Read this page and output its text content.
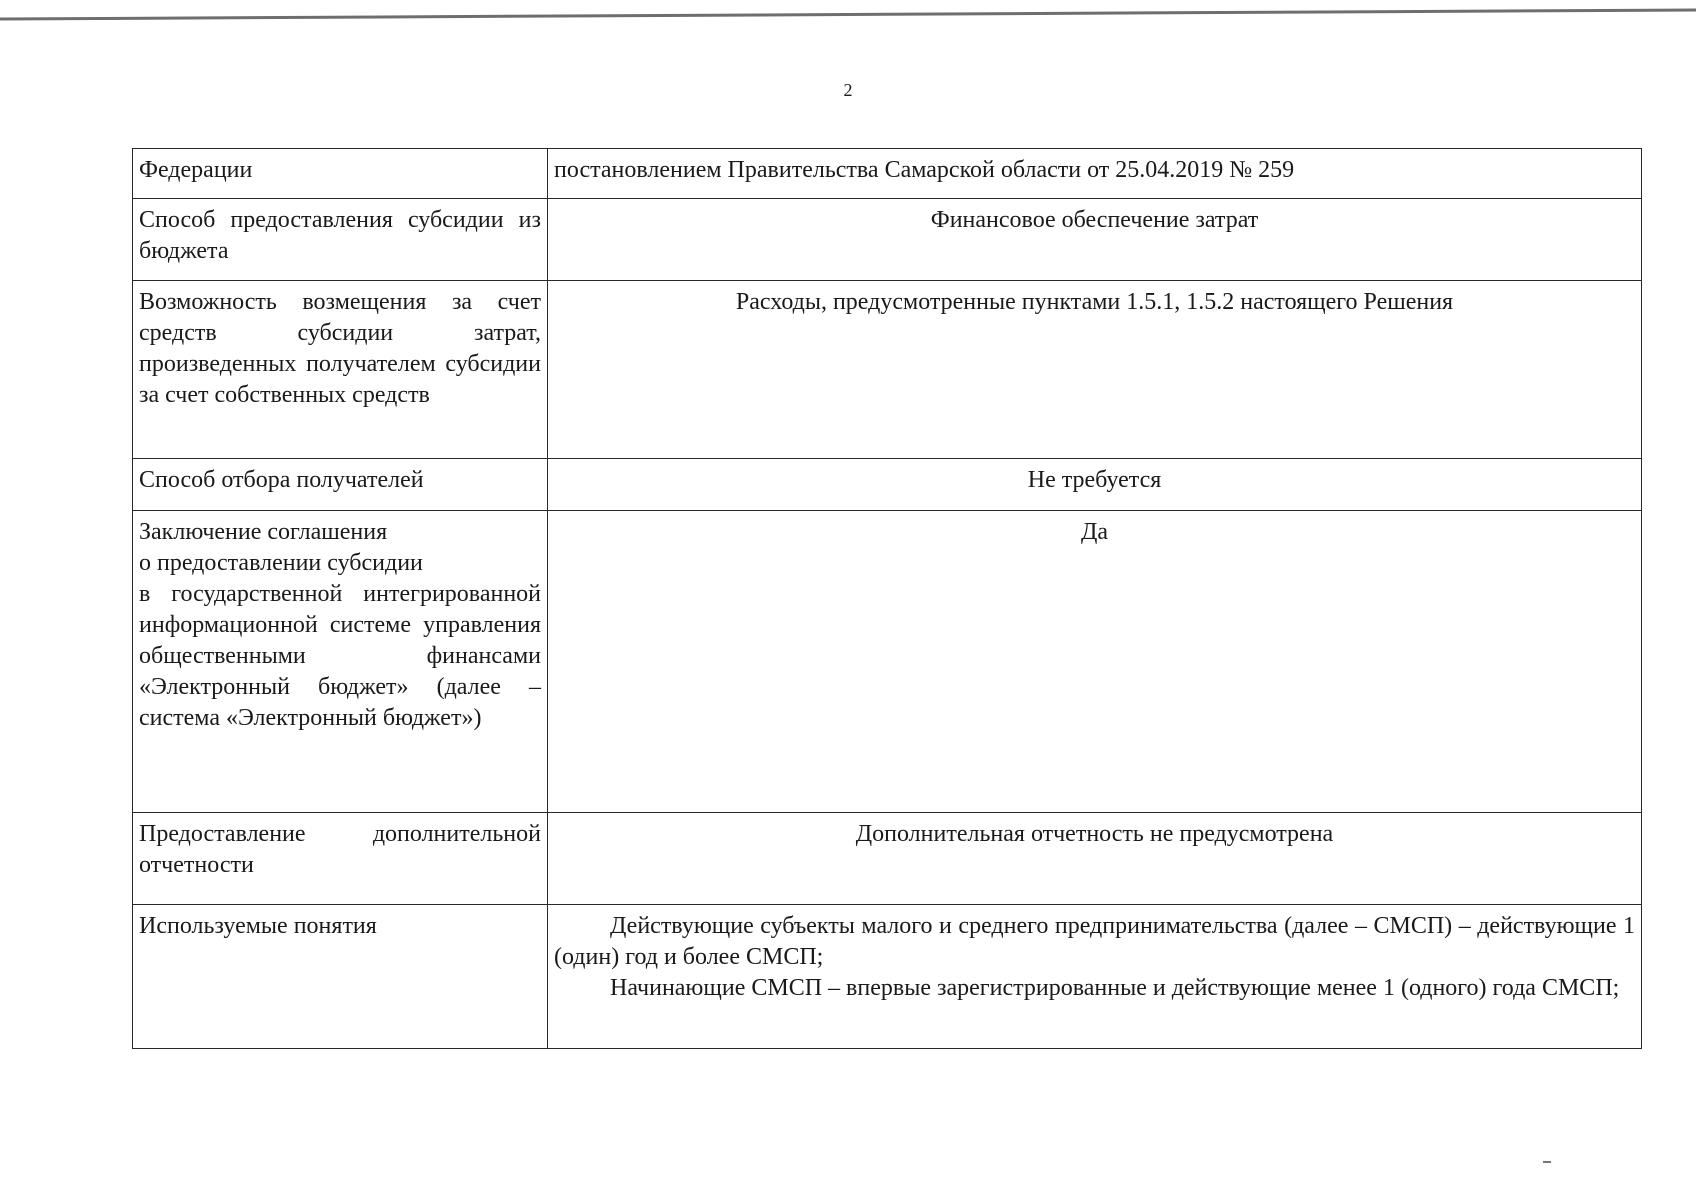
2
Федерации	постановлением Правительства Самарской области от 25.04.2019 № 259
Способ предоставления субсидии из бюджета	Финансовое обеспечение затрат
Возможность возмещения за счет средств субсидии затрат, произведенных получателем субсидии за счет собственных средств	Расходы, предусмотренные пунктами 1.5.1, 1.5.2 настоящего Решения
Способ отбора получателей	Не требуется
Заключение соглашения
о предоставлении субсидии
в государственной интегрированной информационной системе управления общественными финансами «Электронный бюджет» (далее – система «Электронный бюджет»)	Да
Предоставление дополнительной отчетности	Дополнительная отчетность не предусмотрена
Используемые понятия	Действующие субъекты малого и среднего предпринимательства (далее – СМСП) – действующие 1 (один) год и более СМСП;

Начинающие СМСП – впервые зарегистрированные и действующие менее 1 (одного) года СМСП;
